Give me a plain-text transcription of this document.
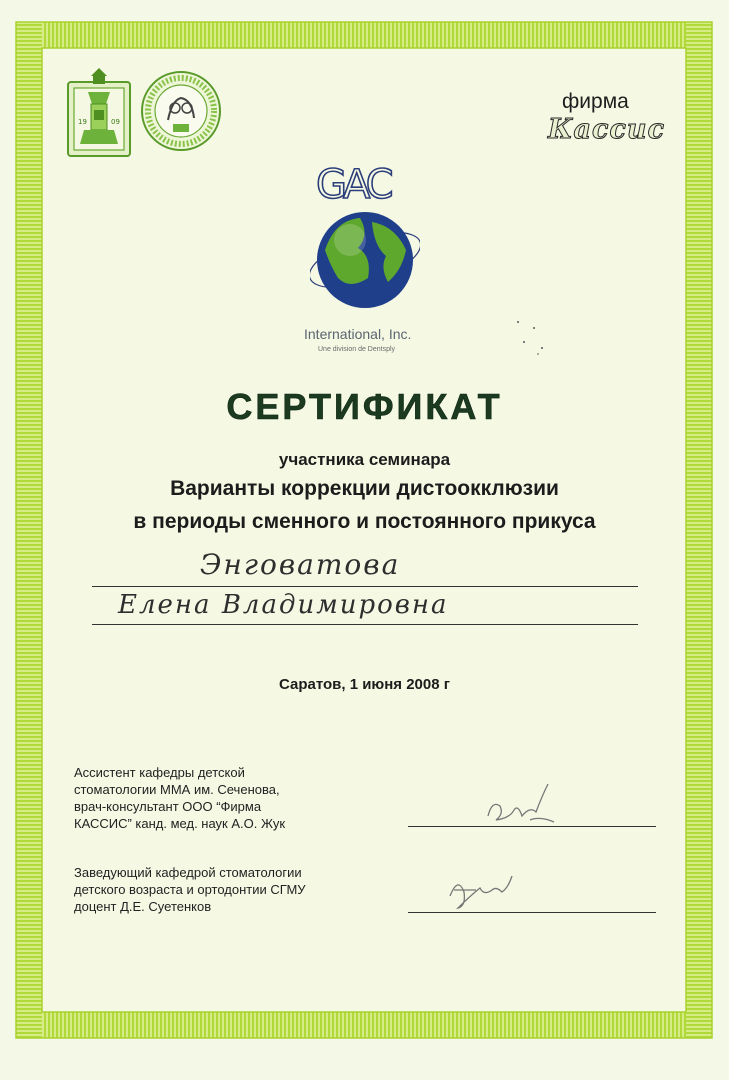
19	09
фирма
Кассис
GAC
International, Inc.
Une division de Dentsply
СЕРТИФИКАТ
участника семинара
Варианты коррекции дистоокклюзии
в периоды сменного и постоянного прикуса
Энговатова
Елена Владимировна
Саратов, 1 июня 2008 г
Ассистент кафедры детской
стоматологии ММА им. Сеченова,
врач-консультант ООО “Фирма
КАССИС” канд. мед. наук А.О. Жук
Заведующий кафедрой стоматологии
детского возраста и ортодонтии СГМУ
доцент Д.Е. Суетенков
